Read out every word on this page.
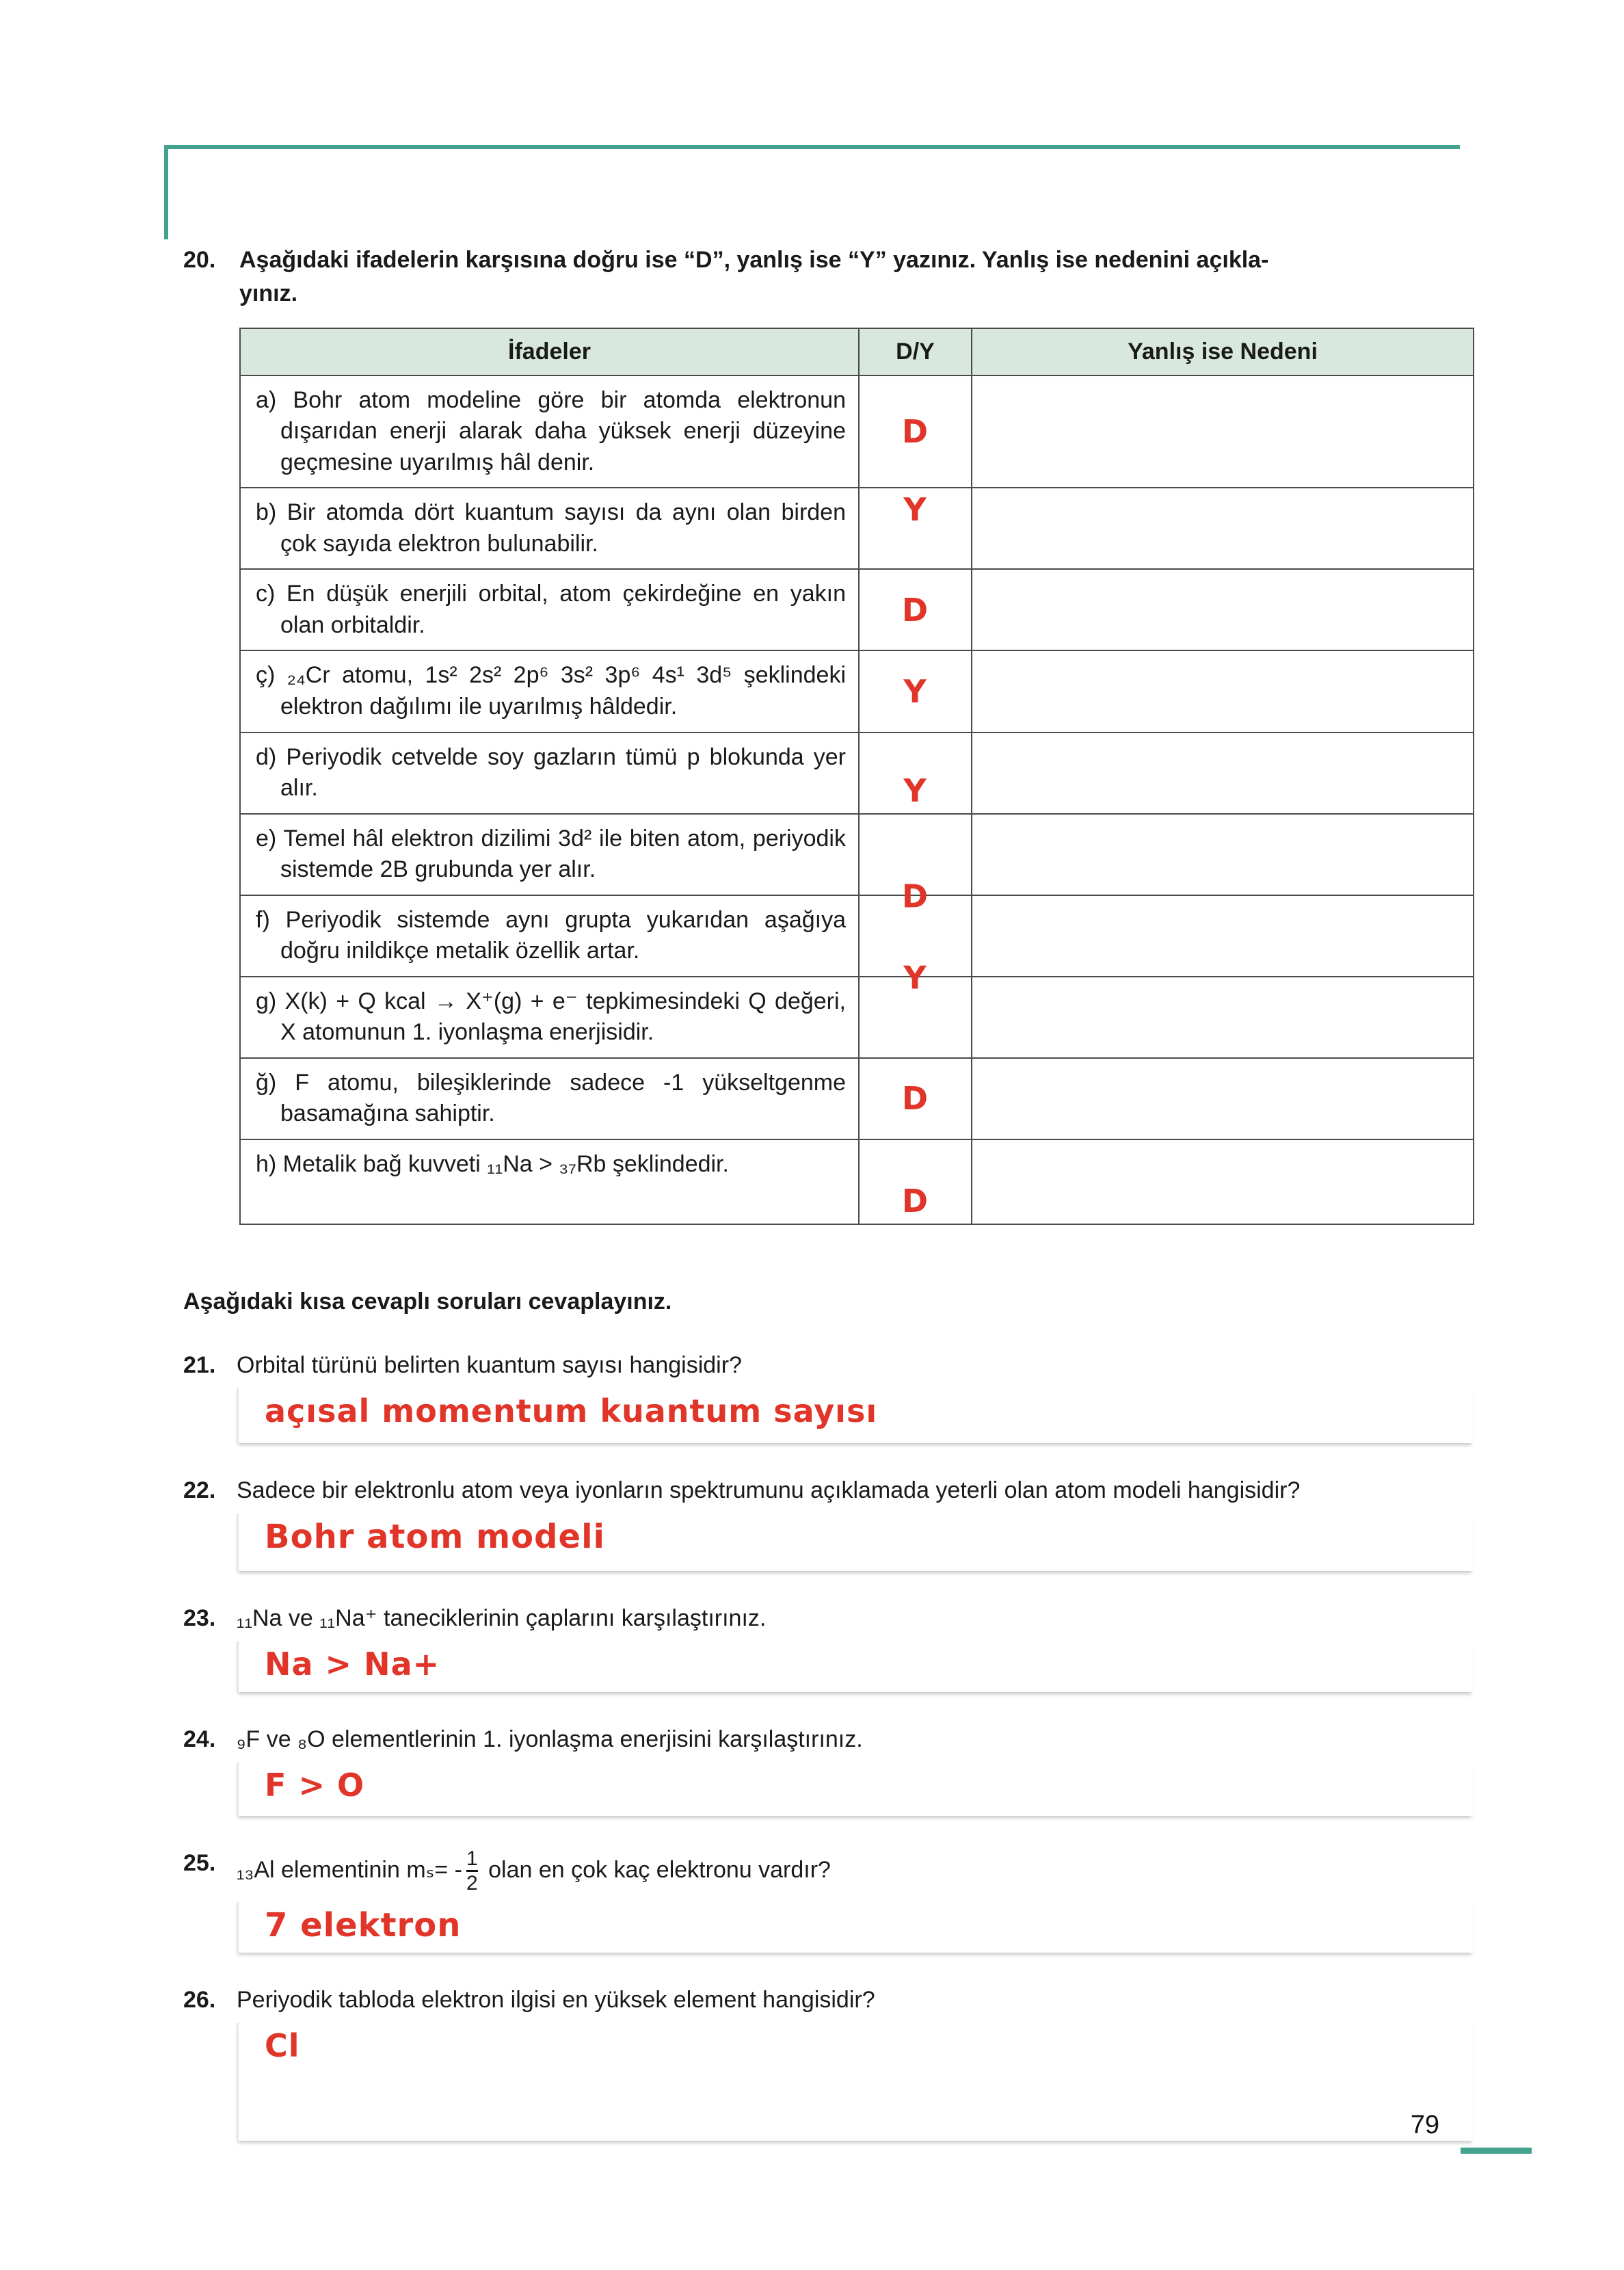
20.	Aşağıdaki ifadelerin karşısına doğru ise “D”, yanlış ise “Y” yazınız. Yanlış ise nedenini açıkla-
yınız.
İfadeler	D/Y	Yanlış ise Nedeni
a) Bohr atom modeline göre bir atomda elektronun dışarıdan enerji alarak daha yüksek enerji düzeyine geçmesine uyarılmış hâl denir.	D	
b) Bir atomda dört kuantum sayısı da aynı olan birden çok sayıda elektron bulunabilir.	Y	

c) En düşük enerjili orbital, atom çekirdeğine en yakın olan orbitaldir.	D	
ç) ₂₄Cr atomu, 1s² 2s² 2p⁶ 3s² 3p⁶ 4s¹ 3d⁵ şeklindeki elektron dağılımı ile uyarılmış hâldedir.	Y	
d) Periyodik cetvelde soy gazların tümü p blokunda yer alır.	Y	

e) Temel hâl elektron dizilimi 3d² ile biten atom, periyodik sistemde 2B grubunda yer alır.	D	

f) Periyodik sistemde aynı grupta yukarıdan aşağıya doğru inildikçe metalik özellik artar.	Y	

g) X(k) + Q kcal → X⁺(g) + e⁻ tepkimesindeki Q değeri, X atomunun 1. iyonlaşma enerjisidir.		
ğ) F atomu, bileşiklerinde sadece -1 yükseltgenme basamağına sahiptir.	D	
h) Metalik bağ kuvveti ₁₁Na > ₃₇Rb şeklindedir.	D	

Aşağıdaki kısa cevaplı soruları cevaplayınız.
21. Orbital türünü belirten kuantum sayısı hangisidir?
açısal momentum kuantum sayısı
22. Sadece bir elektronlu atom veya iyonların spektrumunu açıklamada yeterli olan atom modeli hangisidir?
Bohr atom modeli
23. ₁₁Na ve ₁₁Na⁺ taneciklerinin çaplarını karşılaştırınız.
Na > Na+
24. ₉F ve ₈O elementlerinin 1. iyonlaşma enerjisini karşılaştırınız.
F > O
25. ₁₃Al elementinin $m_s= - \frac{1}{2}$ olan en çok kaç elektronu vardır?
7 elektron
26. Periyodik tabloda elektron ilgisi en yüksek element hangisidir?
Cl
79
